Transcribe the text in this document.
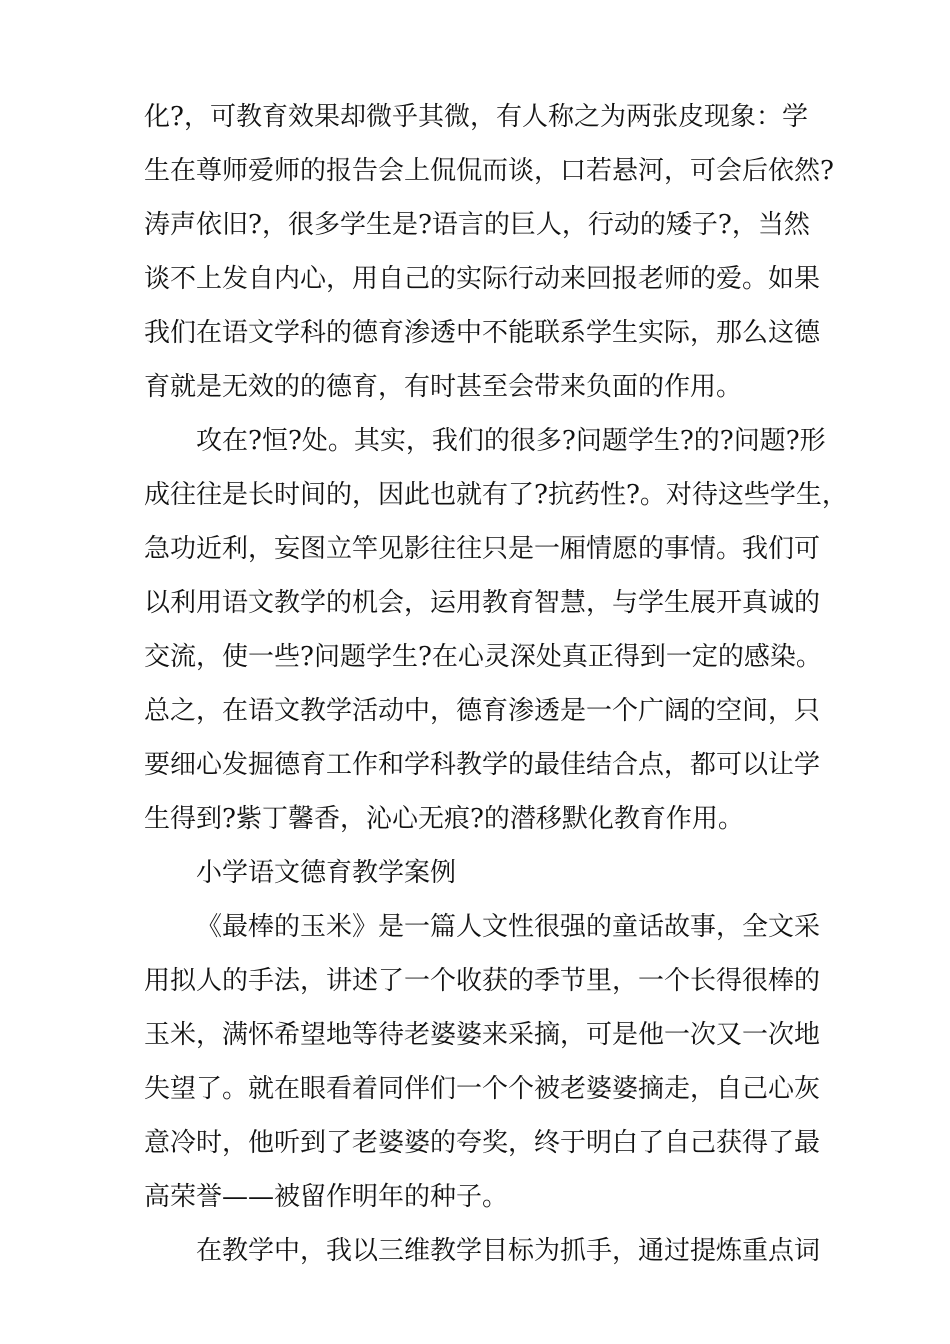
化?，可教育效果却微乎其微，有人称之为两张皮现象：学
生在尊师爱师的报告会上侃侃而谈，口若悬河，可会后依然?
涛声依旧?，很多学生是?语言的巨人，行动的矮子?，当然
谈不上发自内心，用自己的实际行动来回报老师的爱。如果
我们在语文学科的德育渗透中不能联系学生实际，那么这德
育就是无效的的德育，有时甚至会带来负面的作用。
攻在?恒?处。其实，我们的很多?问题学生?的?问题?形
成往往是长时间的，因此也就有了?抗药性?。对待这些学生，
急功近利，妄图立竿见影往往只是一厢情愿的事情。我们可
以利用语文教学的机会，运用教育智慧，与学生展开真诚的
交流，使一些?问题学生?在心灵深处真正得到一定的感染。
总之，在语文教学活动中，德育渗透是一个广阔的空间，只
要细心发掘德育工作和学科教学的最佳结合点，都可以让学
生得到?紫丁馨香，沁心无痕?的潜移默化教育作用。
小学语文德育教学案例
《最棒的玉米》是一篇人文性很强的童话故事，全文采
用拟人的手法，讲述了一个收获的季节里，一个长得很棒的
玉米，满怀希望地等待老婆婆来采摘，可是他一次又一次地
失望了。就在眼看着同伴们一个个被老婆婆摘走，自己心灰
意冷时，他听到了老婆婆的夸奖，终于明白了自己获得了最
高荣誉——被留作明年的种子。
在教学中，我以三维教学目标为抓手，通过提炼重点词
